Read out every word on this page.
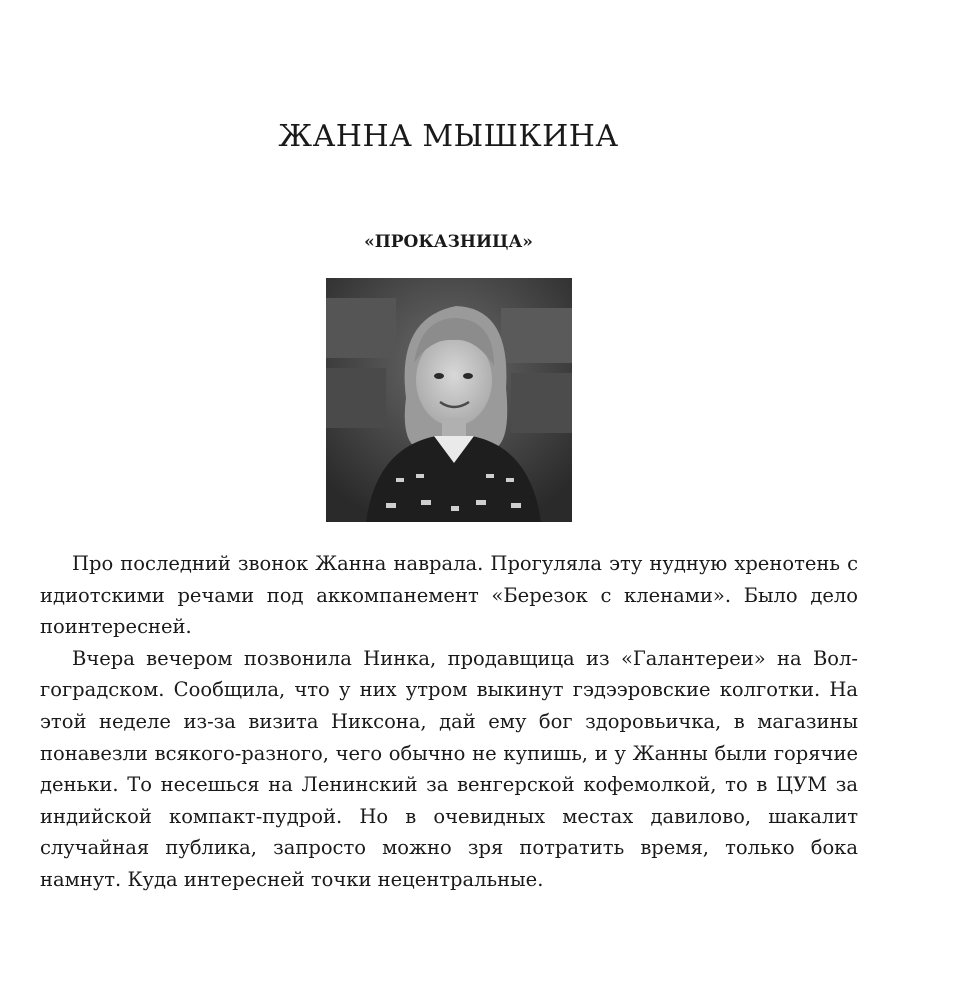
ЖАННА МЫШКИНА
«ПРОКАЗНИЦА»

Про последний звонок Жанна наврала. Прогуляла эту нудную хренотень с идиотскими речами под аккомпанемент «Березок с кленами». Было дело поинтересней.

Вчера вечером позвонила Нинка, продавщица из «Галантереи» на Волгоградском. Сообщила, что у них утром выкинут гэдээровские колготки. На этой неделе из-за визита Никсона, дай ему бог здоровьичка, в магазины понавезли всякого-разного, чего обычно не купишь, и у Жанны были горячие деньки. То несешься на Ленинский за венгерской кофемолкой, то в ЦУМ за индийской компакт-пудрой. Но в очевидных местах давилово, шакалит случайная публика, запросто можно зря потратить время, только бока намнут. Куда интересней точки нецентральные.
